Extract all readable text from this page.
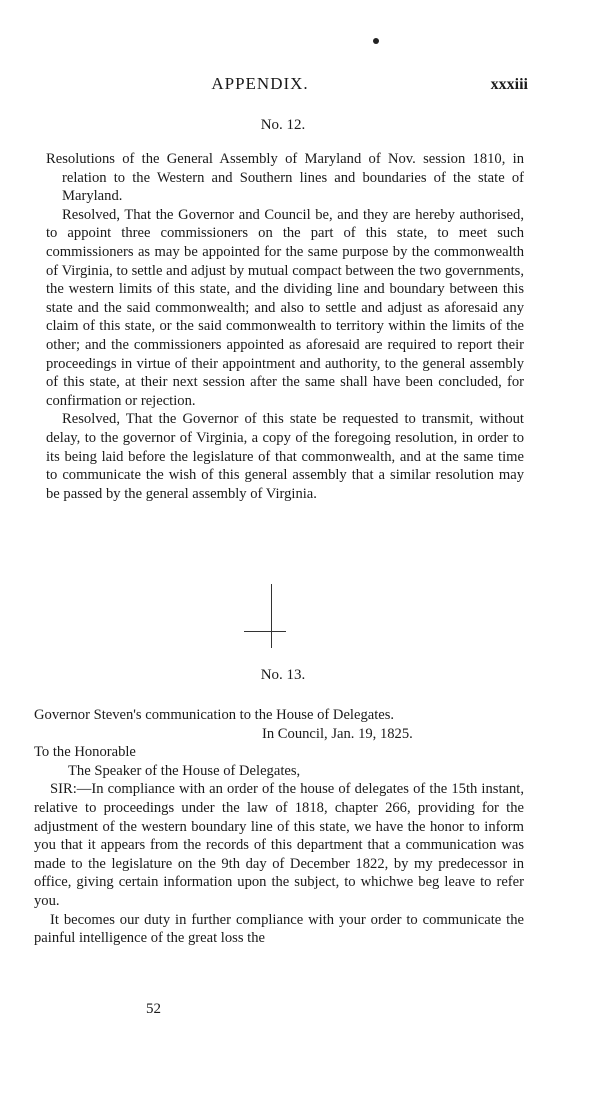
APPENDIX.	xxxiii
No. 12.

Resolutions of the General Assembly of Maryland of Nov. session 1810, in relation to the Western and Southern lines and boundaries of the state of Maryland.

Resolved, That the Governor and Council be, and they are hereby authorised, to appoint three commissioners on the part of this state, to meet such commissioners as may be appointed for the same purpose by the commonwealth of Virginia, to settle and adjust by mutual compact between the two governments, the western limits of this state, and the dividing line and boundary between this state and the said commonwealth; and also to settle and adjust as aforesaid any claim of this state, or the said commonwealth to territory within the limits of the other; and the commissioners appointed as aforesaid are required to report their proceedings in virtue of their appointment and authority, to the general assembly of this state, at their next session after the same shall have been concluded, for confirmation or rejection.

Resolved, That the Governor of this state be requested to transmit, without delay, to the governor of Virginia, a copy of the foregoing resolution, in order to its being laid before the legislature of that commonwealth, and at the same time to communicate the wish of this general assembly that a similar resolution may be passed by the general assembly of Virginia.

No. 13.

Governor Steven's communication to the House of Delegates.

In Council, Jan. 19, 1825.

To the Honorable

The Speaker of the House of Delegates,

SIR:—In compliance with an order of the house of delegates of the 15th instant, relative to proceedings under the law of 1818, chapter 266, providing for the adjustment of the western boundary line of this state, we have the honor to inform you that it appears from the records of this department that a communication was made to the legislature on the 9th day of December 1822, by my predecessor in office, giving certain information upon the subject, to whichwe beg leave to refer you.

It becomes our duty in further compliance with your order to communicate the painful intelligence of the great loss the

52
